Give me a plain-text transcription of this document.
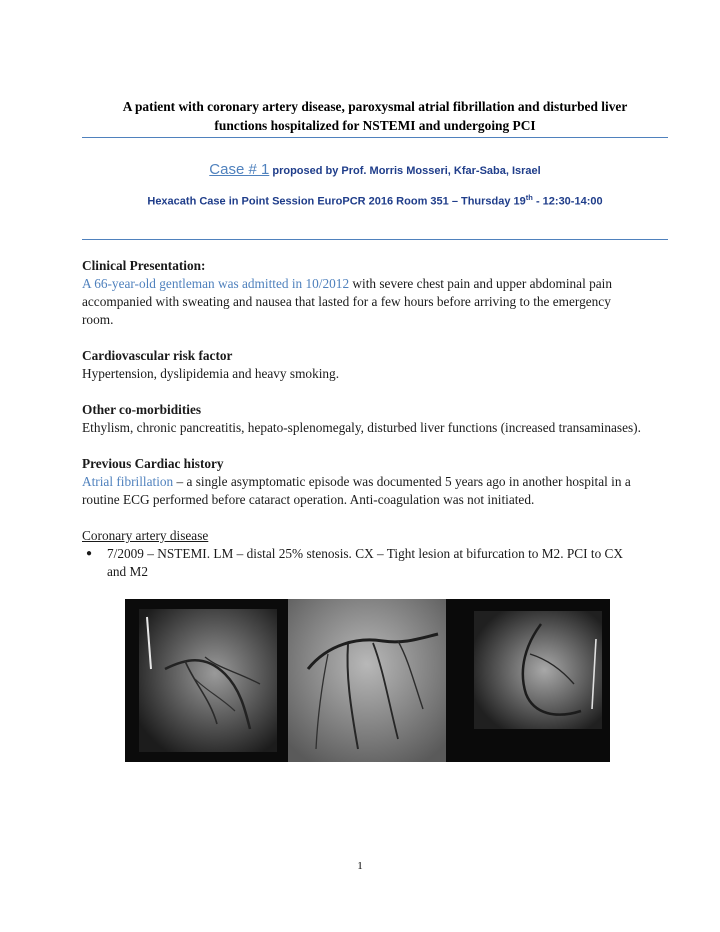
A patient with coronary artery disease, paroxysmal atrial fibrillation and disturbed liver
functions hospitalized for NSTEMI and undergoing PCI
Case # 1 proposed by Prof. Morris Mosseri, Kfar-Saba, Israel
Hexacath Case in Point Session EuroPCR 2016 Room 351 – Thursday 19th - 12:30-14:00
Clinical Presentation:
A 66-year-old gentleman was admitted in 10/2012 with severe chest pain and upper abdominal pain accompanied with sweating and nausea that lasted for a few hours before arriving to the emergency room.
Cardiovascular risk factor
Hypertension, dyslipidemia and heavy smoking.
Other co-morbidities
Ethylism, chronic pancreatitis, hepato-splenomegaly, disturbed liver functions (increased transaminases).
Previous Cardiac history
Atrial fibrillation – a single asymptomatic episode was documented 5 years ago in another hospital in a routine ECG performed before cataract operation. Anti-coagulation was not initiated.
Coronary artery disease
●	7/2009 – NSTEMI. LM – distal 25% stenosis. CX – Tight lesion at bifurcation to M2. PCI to CX and M2
1
